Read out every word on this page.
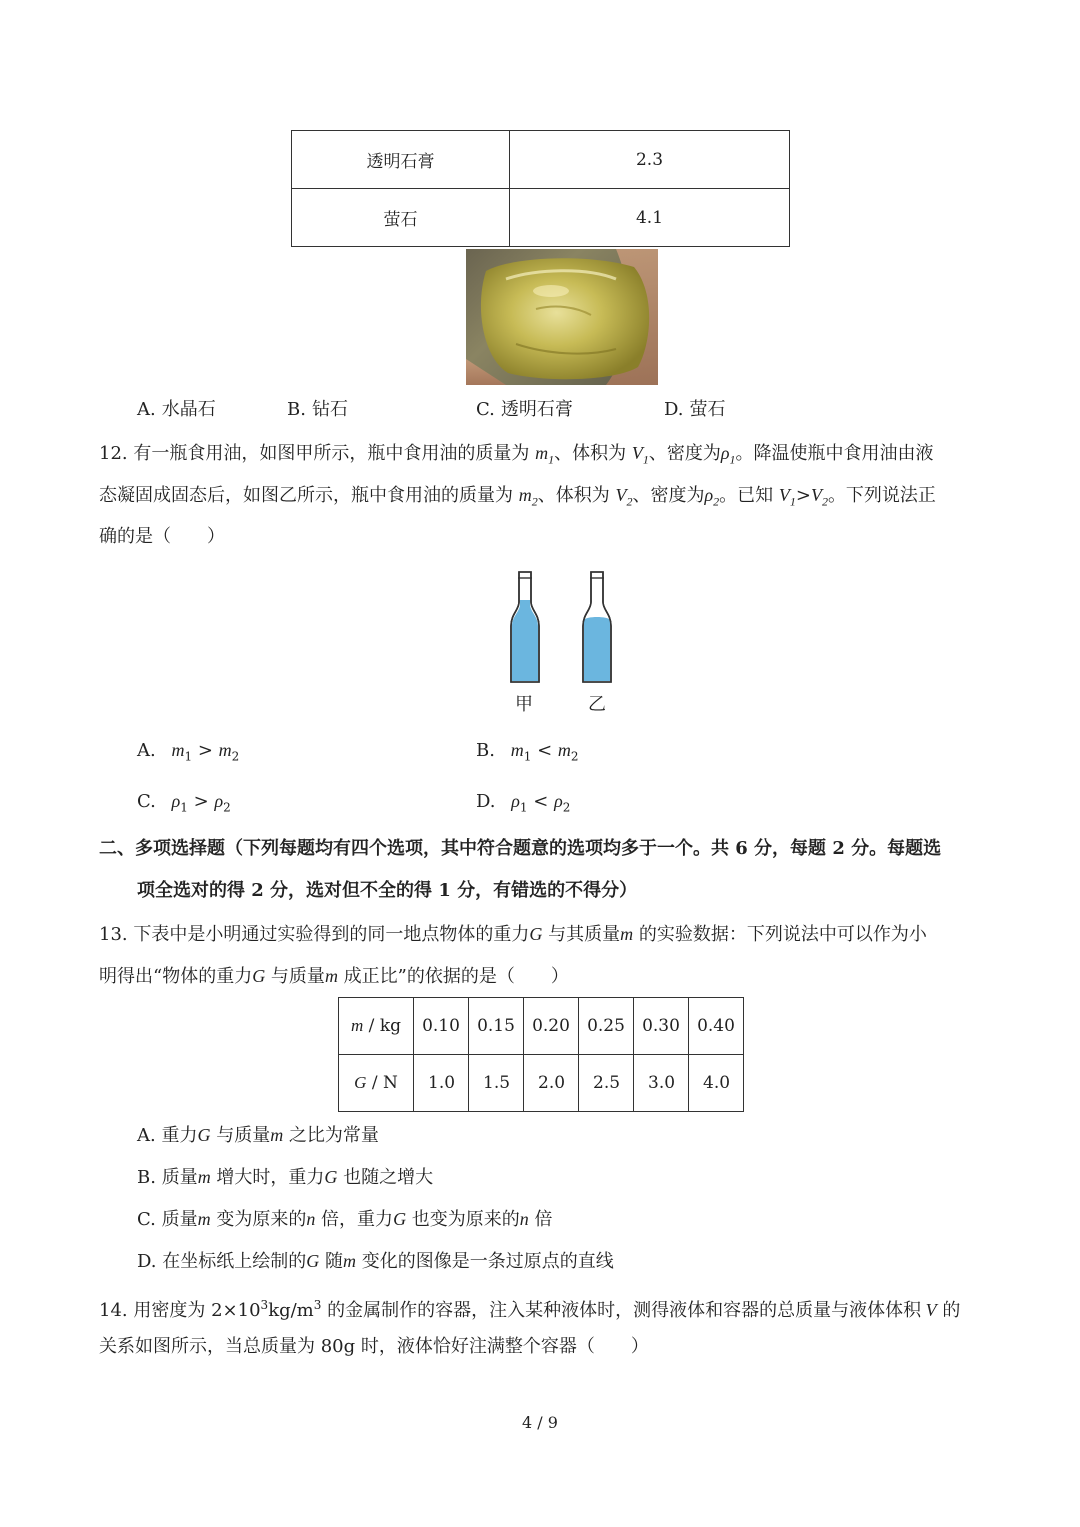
透明石膏	2.3
萤石	4.1
A. 水晶石	B. 钻石	C. 透明石膏	D. 萤石
12. 有一瓶食用油，如图甲所示，瓶中食用油的质量为 $m_1$、体积为 $V_1$、密度为$\rho_1$。降温使瓶中食用油由液
态凝固成固态后，如图乙所示，瓶中食用油的质量为 $m_2$、体积为 $V_2$、密度为$\rho_2$。已知 $V_1>V_2$。下列说法正
确的是（　　）
甲	乙
A. $m_1 > m_2$	B. $m_1 < m_2$
C. $\rho_1 > \rho_2$	D. $\rho_1 < \rho_2$
二、多项选择题（下列每题均有四个选项，其中符合题意的选项均多于一个。共 6 分，每题 2 分。每题选
项全选对的得 2 分，选对但不全的得 1 分，有错选的不得分）
13. 下表中是小明通过实验得到的同一地点物体的重力G 与其质量m 的实验数据：下列说法中可以作为小
明得出“物体的重力G 与质量m 成正比”的依据的是（　　）
m / kg	0.10	0.15	0.20	0.25	0.30	0.40
G / N	1.0	1.5	2.0	2.5	3.0	4.0
A. 重力G 与质量m 之比为常量
B. 质量m 增大时，重力G 也随之增大
C. 质量m 变为原来的n 倍，重力G 也变为原来的n 倍
D. 在坐标纸上绘制的G 随m 变化的图像是一条过原点的直线
14. 用密度为 $2\times 10^3kg/m^3$ 的金属制作的容器，注入某种液体时，测得液体和容器的总质量与液体体积 V 的
关系如图所示，当总质量为 80g 时，液体恰好注满整个容器（　　）
4 / 9
